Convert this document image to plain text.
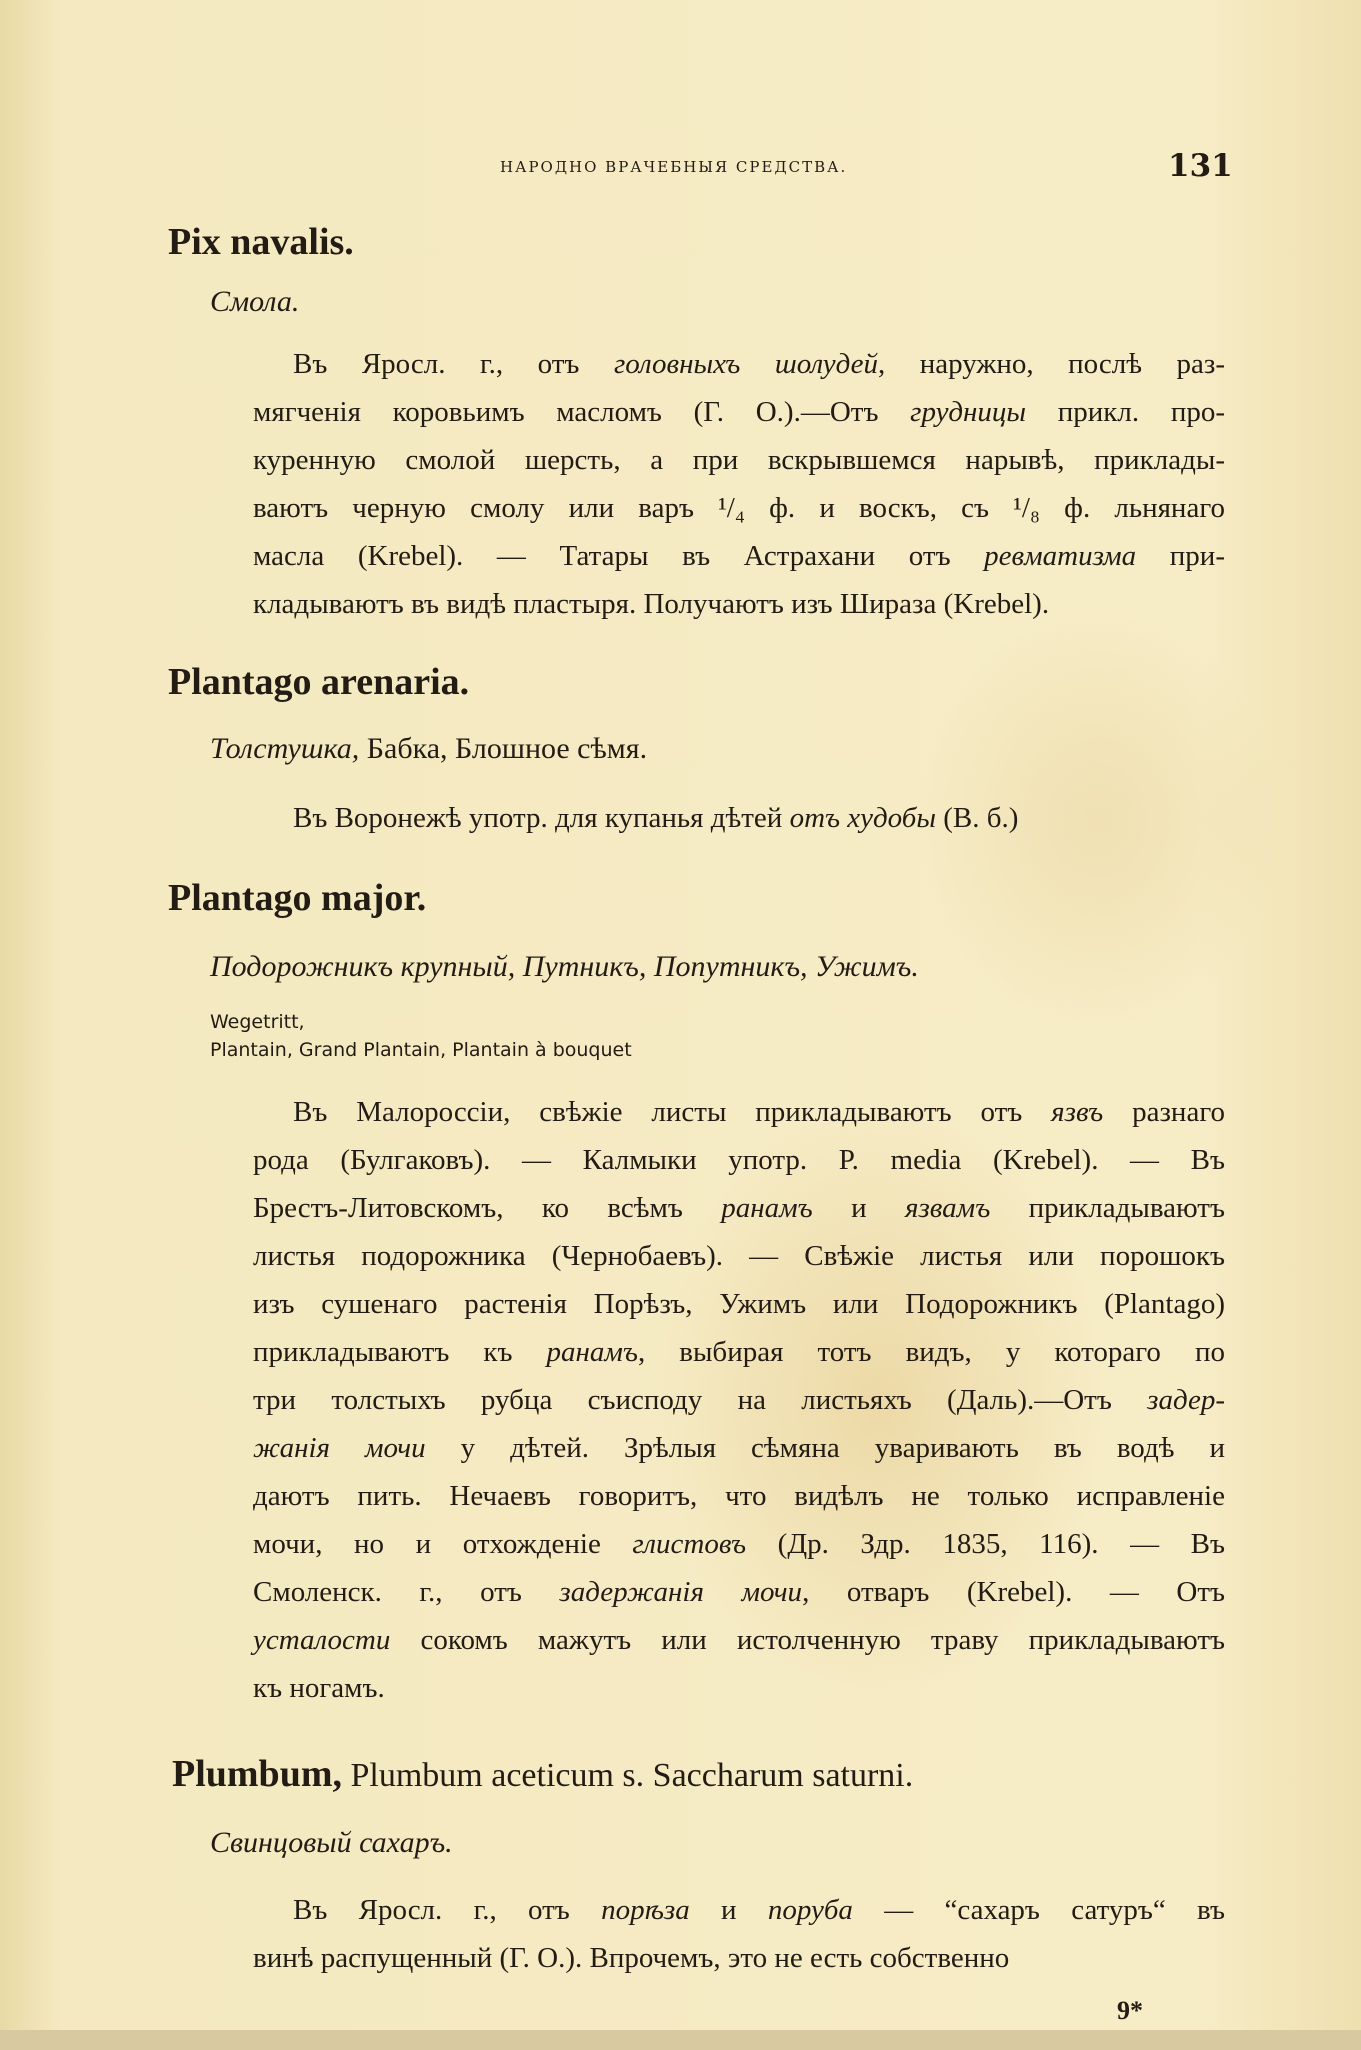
НАРОДНО ВРАЧЕБНЫЯ СРЕДСТВА.	131
Pix navalis.
Смола.
Въ Яросл. г., отъ головныхъ шолудей, наружно, послѣ раз-
мягченія коровьимъ масломъ (Г. О.).—Отъ грудницы прикл. про-
куренную смолой шерсть, а при вскрывшемся нарывѣ, приклады-
ваютъ черную смолу или варъ ¹/₄ ф. и воскъ, съ ¹/₈ ф. льнянаго
масла (Krebel). — Татары въ Астрахани отъ ревматизма при-
кладываютъ въ видѣ пластыря. Получаютъ изъ Шираза (Krebel).
Plantago arenaria.
Толстушка, Бабка, Блошное сѣмя.
Въ Воронежѣ употр. для купанья дѣтей отъ худобы (В. б.)
Plantago major.
Подорожникъ крупный, Путникъ, Попутникъ, Ужимъ.
Wegetritt,
Plantain, Grand Plantain, Plantain à bouquet
Въ Малороссіи, свѣжіе листы прикладываютъ отъ язвъ разнаго
рода (Булгаковъ). — Калмыки употр. P. media (Krebel). — Въ
Брестъ-Литовскомъ, ко всѣмъ ранамъ и язвамъ прикладываютъ
листья подорожника (Чернобаевъ). — Свѣжіе листья или порошокъ
изъ сушенаго растенія Порѣзъ, Ужимъ или Подорожникъ (Plantago)
прикладываютъ къ ранамъ, выбирая тотъ видъ, у котораго по
три толстыхъ рубца съисподу на листьяхъ (Даль).—Отъ задер-
жанія мочи у дѣтей. Зрѣлыя сѣмяна уваривають въ водѣ и
даютъ пить. Нечаевъ говоритъ, что видѣлъ не только исправленіе
мочи, но и отхожденіе глистовъ (Др. Здр. 1835, 116). — Въ
Смоленск. г., отъ задержанія мочи, отваръ (Krebel). — Отъ
усталости сокомъ мажутъ или истолченную траву прикладываютъ
къ ногамъ.
Plumbum, Plumbum aceticum s. Saccharum saturni.
Свинцовый сахаръ.
Въ Яросл. г., отъ порѣза и поруба — “сахаръ сатуръ“ въ
винѣ распущенный (Г. О.). Впрочемъ, это не есть собственно
9*
